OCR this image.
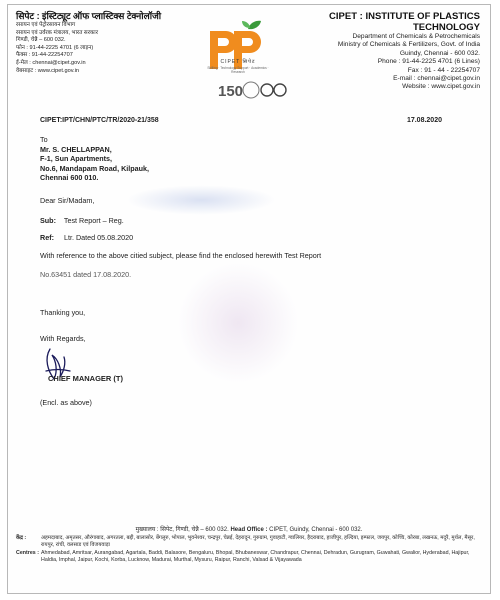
सिपेट : इंस्टिट्यूट ऑफ प्लास्टिक्स टेक्नोलॉजी
रसायन एवं पेट्रोरसायन विभाग
रसायन एवं उर्वरक मंत्रालय, भारत सरकार
गिण्डी, चेन्नै – 600 032.
फोन : 91-44-2225 4701 (6 लाइन)
फैक्स : 91-44-22254707
ई-मेल : chennai@cipet.gov.in
वेबसाइट : www.cipet.gov.in
CIPET सिपेट
Skilling · Technology Support · Academics · Research
150
CIPET : INSTITUTE OF PLASTICS TECHNOLOGY
Department of Chemicals & Petrochemicals
Ministry of Chemicals & Fertilizers, Govt. of India
Guindy, Chennai - 600 032.
Phone : 91-44-2225 4701 (6 Lines)
Fax : 91 - 44 - 22254707
E-mail : chennai@cipet.gov.in
Website : www.cipet.gov.in
CIPET:IPT/CHN/PTC/TR/2020-21/358	17.08.2020
To
Mr. S. CHELLAPPAN,
F-1, Sun Apartments,
No.6, Mandapam Road, Kilpauk,
Chennai 600 010.
Dear Sir/Madam,
Sub: Test Report – Reg.
Ref: Ltr. Dated 05.08.2020
With reference to the above citied subject, please find the enclosed herewith Test Report
No.63451 dated 17.08.2020.
Thanking you,
With Regards,
CHIEF MANAGER (T)
(Encl. as above)
मुख्यालय : सिपेट, गिण्डी, चेन्नै – 600 032. Head Office : CIPET, Guindy, Chennai - 600 032.
केंद्र :	अहमदाबाद, अमृतसर, औरंगाबाद, अगरतला, बद्दी, बालासोर, बेंगलुरु, भोपाल, भुवनेश्वर, चन्द्रपुर, चेन्नई, देहरादून, गुरुग्राम, गुवाहाटी, ग्वालियर, हैदराबाद, हाजीपुर, हल्दिया, इम्फाल, जयपुर, कोच्चि, कोरबा, लखनऊ, मदुरै, मुर्थल, मैसूर, रायपुर, रांची, वलसाड एवं विजयवाड़ा
Centres : Ahmedabad, Amritsar, Aurangabad, Agartala, Baddi, Balasore, Bengaluru, Bhopal, Bhubaneswar, Chandrapur, Chennai, Dehradun, Gurugram, Guwahati, Gwalior, Hyderabad, Hajipur, Haldia, Imphal, Jaipur, Kochi, Korba, Lucknow, Madurai, Murthal, Mysuru, Raipur, Ranchi, Valsad & Vijayawada
